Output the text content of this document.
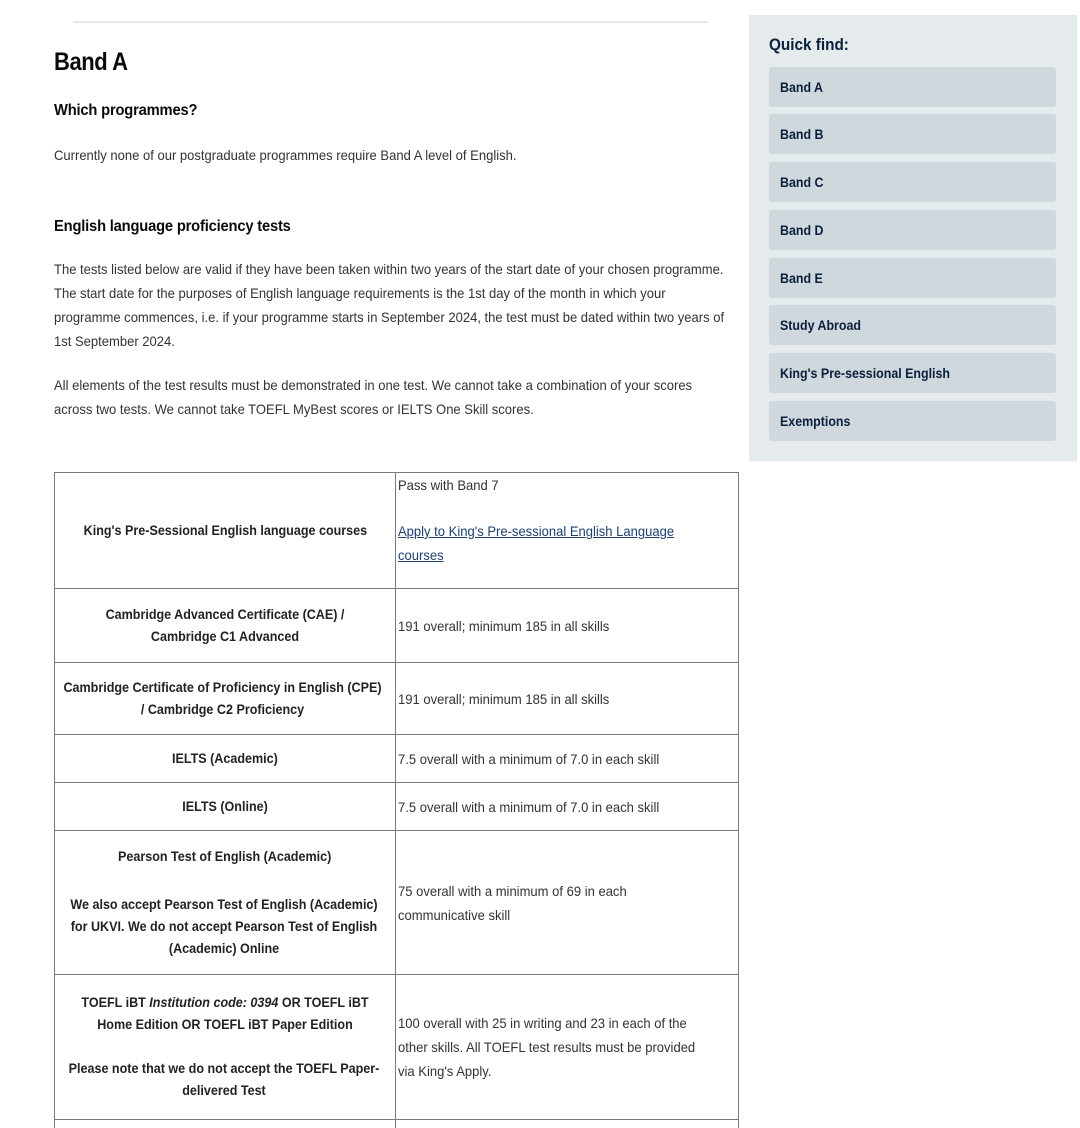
Band A
Which programmes?

Currently none of our postgraduate programmes require Band A level of English.

English language proficiency tests

The tests listed below are valid if they have been taken within two years of the start date of your chosen programme. The start date for the purposes of English language requirements is the 1st day of the month in which your programme commences, i.e. if your programme starts in September 2024, the test must be dated within two years of 1st September 2024.

All elements of the test results must be demonstrated in one test. We cannot take a combination of your scores across two tests. We cannot take TOEFL MyBest scores or IELTS One Skill scores.

King's Pre-Sessional English language courses	Pass with Band 7
Apply to King's Pre-sessional English Language courses
Cambridge Advanced Certificate (CAE) / Cambridge C1 Advanced	191 overall; minimum 185 in all skills
Cambridge Certificate of Proficiency in English (CPE) / Cambridge C2 Proficiency	191 overall; minimum 185 in all skills
IELTS (Academic)	7.5 overall with a minimum of 7.0 in each skill
IELTS (Online)	7.5 overall with a minimum of 7.0 in each skill
Pearson Test of English (Academic)
We also accept Pearson Test of English (Academic) for UKVI. We do not accept Pearson Test of English (Academic) Online	75 overall with a minimum of 69 in each communicative skill
TOEFL iBT Institution code: 0394 OR TOEFL iBT Home Edition OR TOEFL iBT Paper Edition
Please note that we do not accept the TOEFL Paper-delivered Test	100 overall with 25 in writing and 23 in each of the other skills. All TOEFL test results must be provided via King's Apply.

Quick find:
Band A
Band B
Band C
Band D
Band E
Study Abroad
King's Pre-sessional English
Exemptions
